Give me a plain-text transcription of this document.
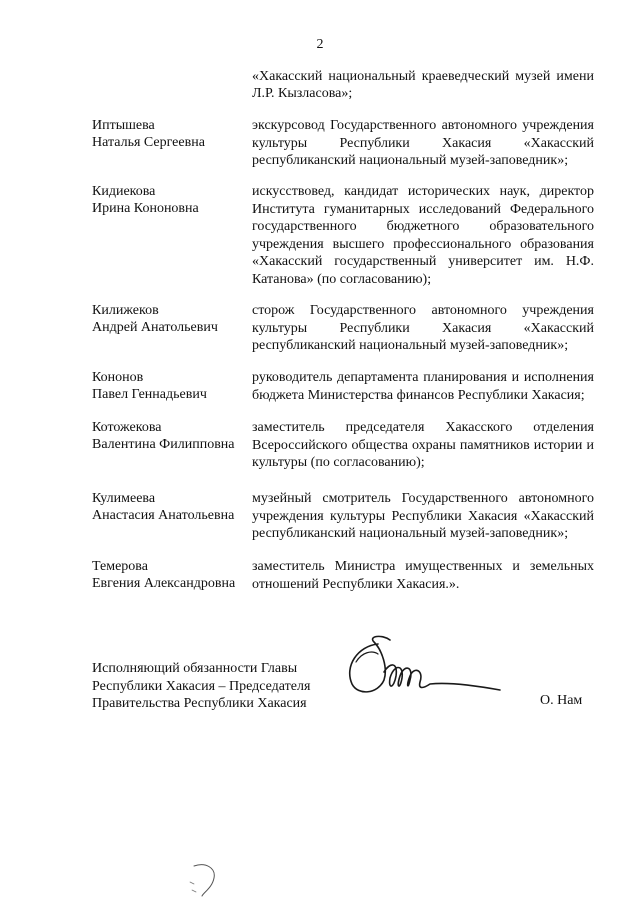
2
«Хакасский национальный краеведческий музей имени Л.Р. Кызласова»;
Иптышева
Наталья Сергеевна
экскурсовод Государственного автономного учреждения культуры Республики Хакасия «Хакасский республиканский национальный музей-заповедник»;
Кидиекова
Ирина Кононовна
искусствовед, кандидат исторических наук, директор Института гуманитарных исследований Федерального государственного бюджетного образовательного учреждения высшего профессионального образования «Хакасский государственный университет им. Н.Ф. Катанова» (по согласованию);
Килижеков
Андрей Анатольевич
сторож Государственного автономного учреждения культуры Республики Хакасия «Хакасский республиканский национальный музей-заповедник»;
Кононов
Павел Геннадьевич
руководитель департамента планирования и исполнения бюджета Министерства финансов Республики Хакасия;
Котожекова
Валентина Филипповна
заместитель председателя Хакасского отделения Всероссийского общества охраны памятников истории и культуры (по согласованию);
Кулимеева
Анастасия Анатольевна
музейный смотритель Государственного автономного учреждения культуры Республики Хакасия «Хакасский республиканский национальный музей-заповедник»;
Темерова
Евгения Александровна
заместитель Министра имущественных и земельных отношений Республики Хакасия.».
Исполняющий обязанности Главы
Республики Хакасия – Председателя
Правительства Республики Хакасия	О. Нам
